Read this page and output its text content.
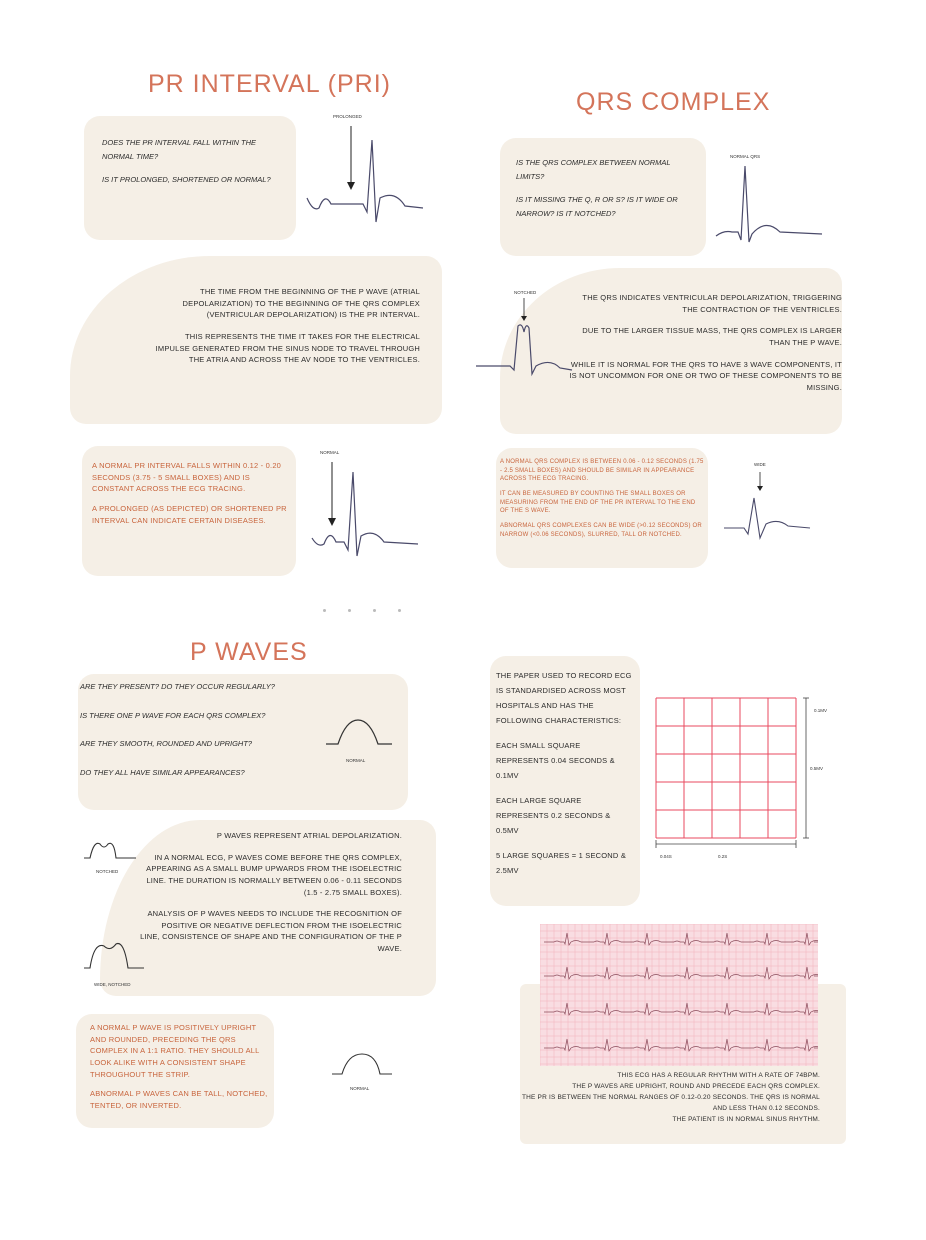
PR INTERVAL (PRI)

DOES THE PR INTERVAL FALL WITHIN THE NORMAL TIME?

IS IT PROLONGED, SHORTENED OR NORMAL?

PROLONGED

THE TIME FROM THE BEGINNING OF THE P WAVE (ATRIAL DEPOLARIZATION) TO THE BEGINNING OF THE QRS COMPLEX (VENTRICULAR DEPOLARIZATION) IS THE PR INTERVAL.

THIS REPRESENTS THE TIME IT TAKES FOR THE ELECTRICAL IMPULSE GENERATED FROM THE SINUS NODE TO TRAVEL THROUGH THE ATRIA AND ACROSS THE AV NODE TO THE VENTRICLES.

A NORMAL PR INTERVAL FALLS WITHIN 0.12 - 0.20 SECONDS (3.75 - 5 SMALL BOXES) AND IS CONSTANT ACROSS THE ECG TRACING.

A PROLONGED (AS DEPICTED) OR SHORTENED PR INTERVAL CAN INDICATE CERTAIN DISEASES.

NORMAL
QRS COMPLEX

IS THE QRS COMPLEX BETWEEN NORMAL LIMITS?

IS IT MISSING THE Q, R OR S? IS IT WIDE OR NARROW? IS IT NOTCHED?

NORMAL QRS
NOTCHED

THE QRS INDICATES VENTRICULAR DEPOLARIZATION, TRIGGERING THE CONTRACTION OF THE VENTRICLES.

DUE TO THE LARGER TISSUE MASS, THE QRS COMPLEX IS LARGER THAN THE P WAVE.

WHILE IT IS NORMAL FOR THE QRS TO HAVE 3 WAVE COMPONENTS, IT IS NOT UNCOMMON FOR ONE OR TWO OF THESE COMPONENTS TO BE MISSING.

A NORMAL QRS COMPLEX IS BETWEEN 0.06 - 0.12 SECONDS (1.75 - 2.5 SMALL BOXES) AND SHOULD BE SIMILAR IN APPEARANCE ACROSS THE ECG TRACING.

IT CAN BE MEASURED BY COUNTING THE SMALL BOXES OR MEASURING FROM THE END OF THE PR INTERVAL TO THE END OF THE S WAVE.

ABNORMAL QRS COMPLEXES CAN BE WIDE (>0.12 SECONDS) OR NARROW (<0.06 SECONDS), SLURRED, TALL OR NOTCHED.

WIDE
P WAVES

ARE THEY PRESENT? DO THEY OCCUR REGULARLY?

IS THERE ONE P WAVE FOR EACH QRS COMPLEX?

ARE THEY SMOOTH, ROUNDED AND UPRIGHT?

DO THEY ALL HAVE SIMILAR APPEARANCES?

NORMAL
NOTCHED
WIDE, NOTCHED

P WAVES REPRESENT ATRIAL DEPOLARIZATION.

IN A NORMAL ECG, P WAVES COME BEFORE THE QRS COMPLEX, APPEARING AS A SMALL BUMP UPWARDS FROM THE ISOELECTRIC LINE. THE DURATION IS NORMALLY BETWEEN 0.06 - 0.11 SECONDS (1.5 - 2.75 SMALL BOXES).

ANALYSIS OF P WAVES NEEDS TO INCLUDE THE RECOGNITION OF POSITIVE OR NEGATIVE DEFLECTION FROM THE ISOELECTRIC LINE, CONSISTENCE OF SHAPE AND THE CONFIGURATION OF THE P WAVE.

A NORMAL P WAVE IS POSITIVELY UPRIGHT AND ROUNDED, PRECEDING THE QRS COMPLEX IN A 1:1 RATIO. THEY SHOULD ALL LOOK ALIKE WITH A CONSISTENT SHAPE THROUGHOUT THE STRIP.

ABNORMAL P WAVES CAN BE TALL, NOTCHED, TENTED, OR INVERTED.

NORMAL

THE PAPER USED TO RECORD ECG IS STANDARDISED ACROSS MOST HOSPITALS AND HAS THE FOLLOWING CHARACTERISTICS:

EACH SMALL SQUARE REPRESENTS 0.04 SECONDS & 0.1MV

EACH LARGE SQUARE REPRESENTS 0.2 SECONDS & 0.5MV

5 LARGE SQUARES = 1 SECOND & 2.5MV

0.1MV
0.5MV
0.04S	0.2S

THIS ECG HAS A REGULAR RHYTHM WITH A RATE OF 74BPM.

THE P WAVES ARE UPRIGHT, ROUND AND PRECEDE EACH QRS COMPLEX.

THE PR IS BETWEEN THE NORMAL RANGES OF 0.12-0.20 SECONDS. THE QRS IS NORMAL AND LESS THAN 0.12 SECONDS.

THE PATIENT IS IN NORMAL SINUS RHYTHM.
